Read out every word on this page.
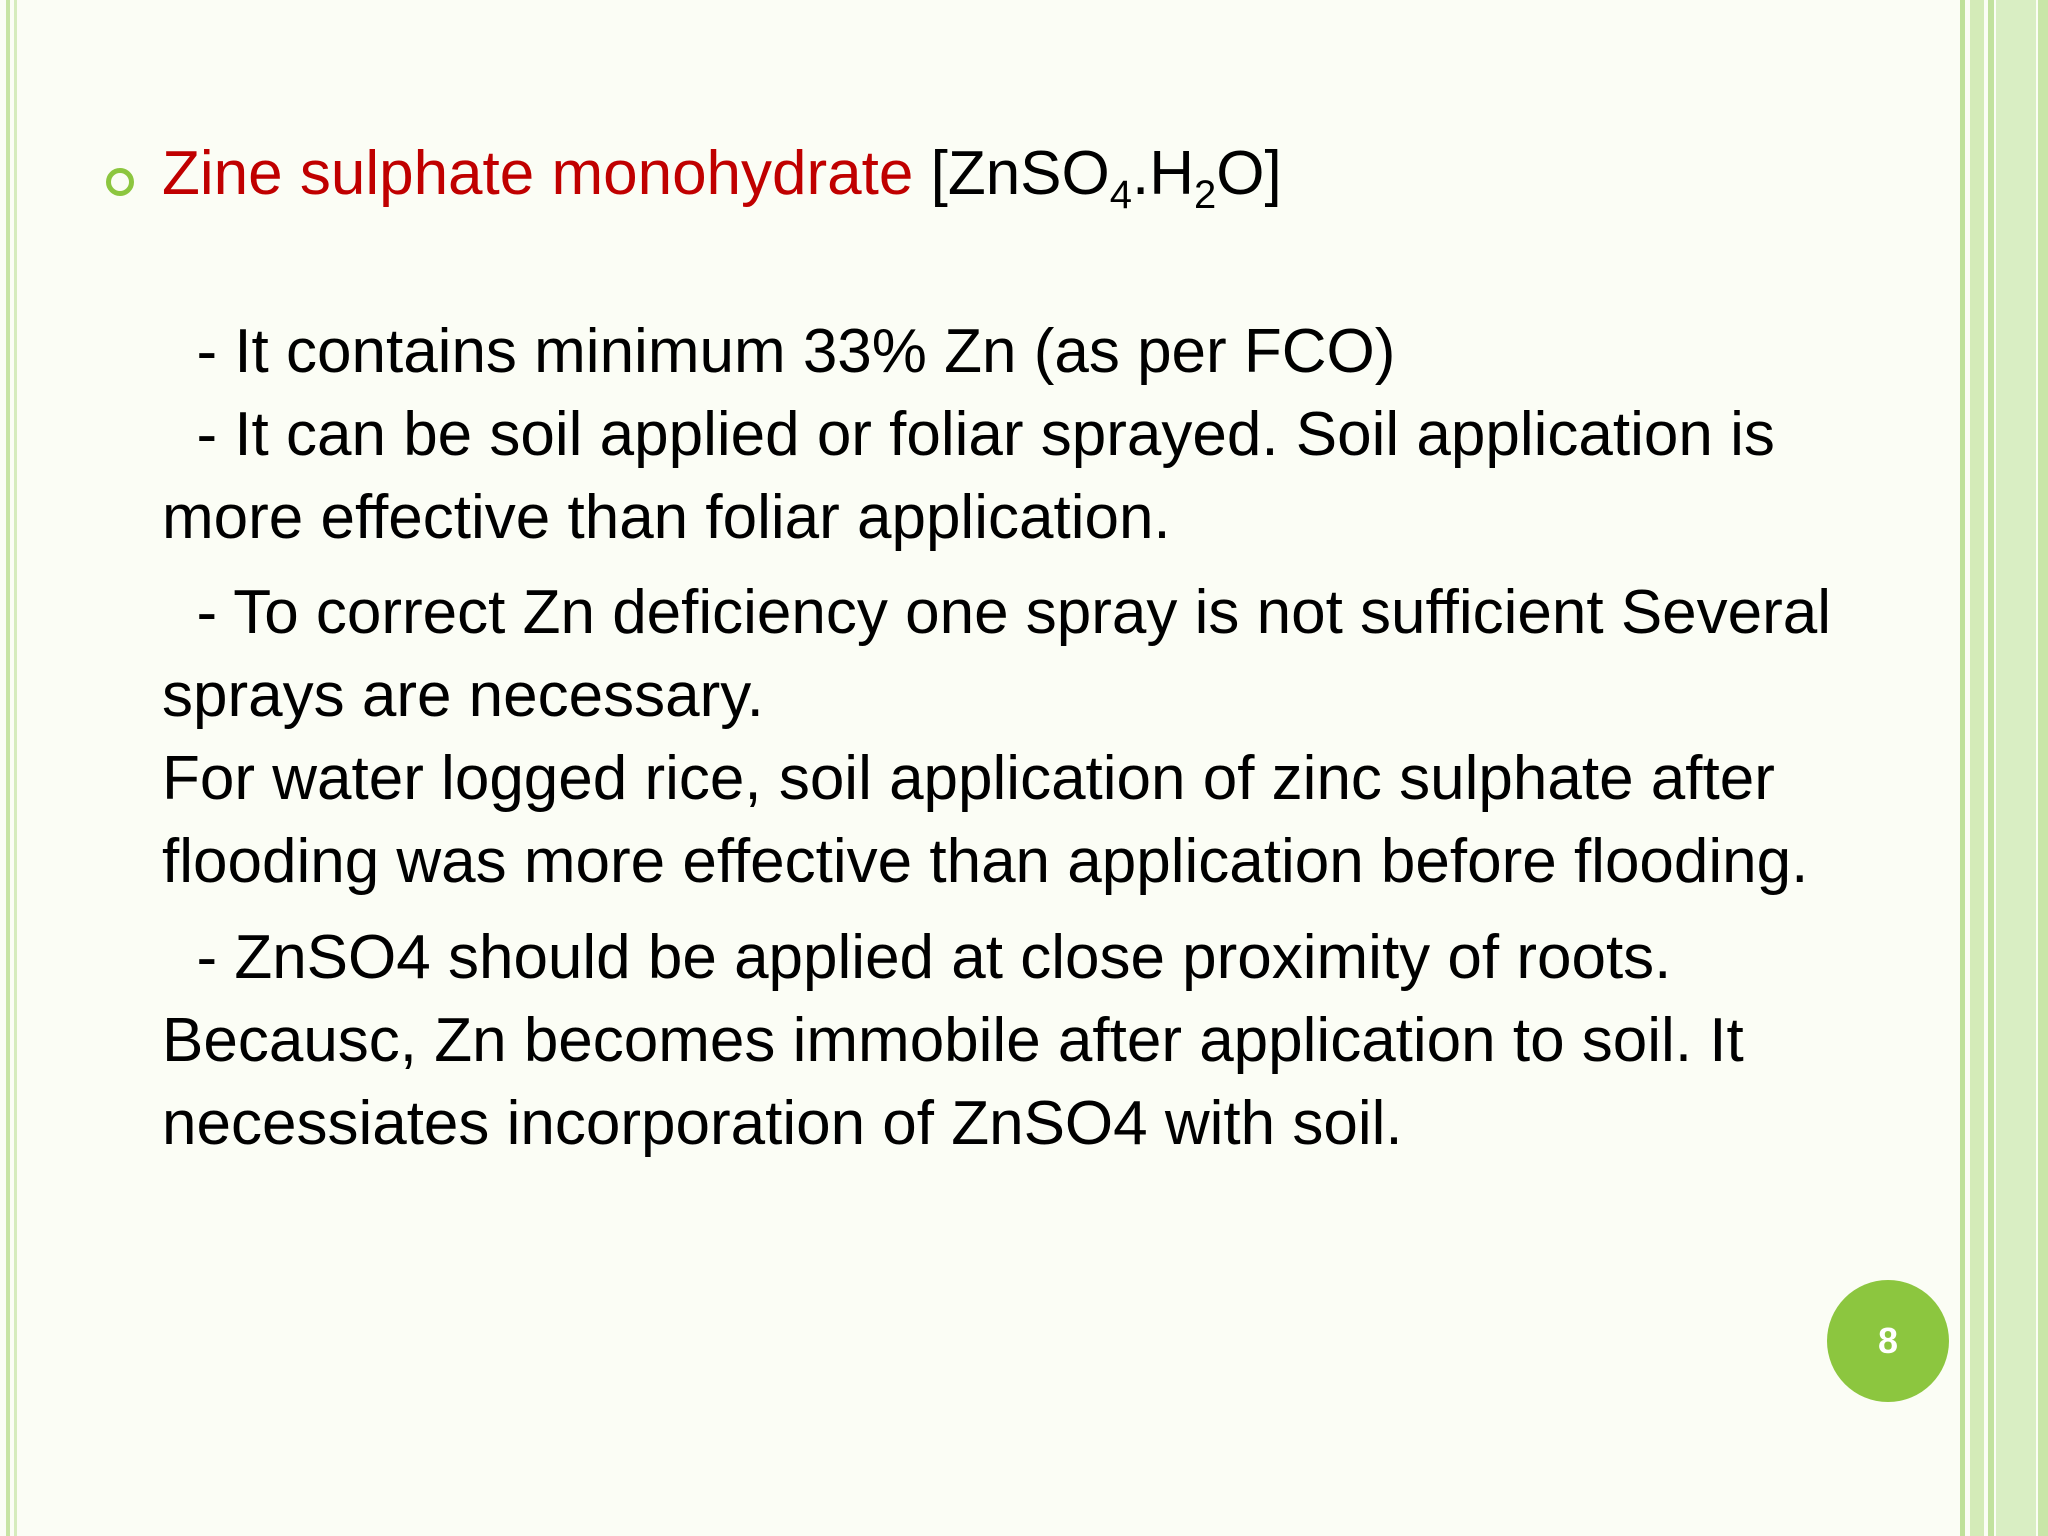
Zine sulphate monohydrate $[ZnSO_4.H_2O]$
- It contains minimum 33% Zn (as per FCO)
- It can be soil applied or foliar sprayed. Soil application is
more effective than foliar application.
- To correct Zn deficiency one spray is not sufficient Several
sprays are necessary.
For water logged rice, soil application of zinc sulphate after
flooding was more effective than application before flooding.
- ZnSO4 should be applied at close proximity of roots.
Becausc, Zn becomes immobile after application to soil. It
necessiates incorporation of ZnSO4 with soil.
8
